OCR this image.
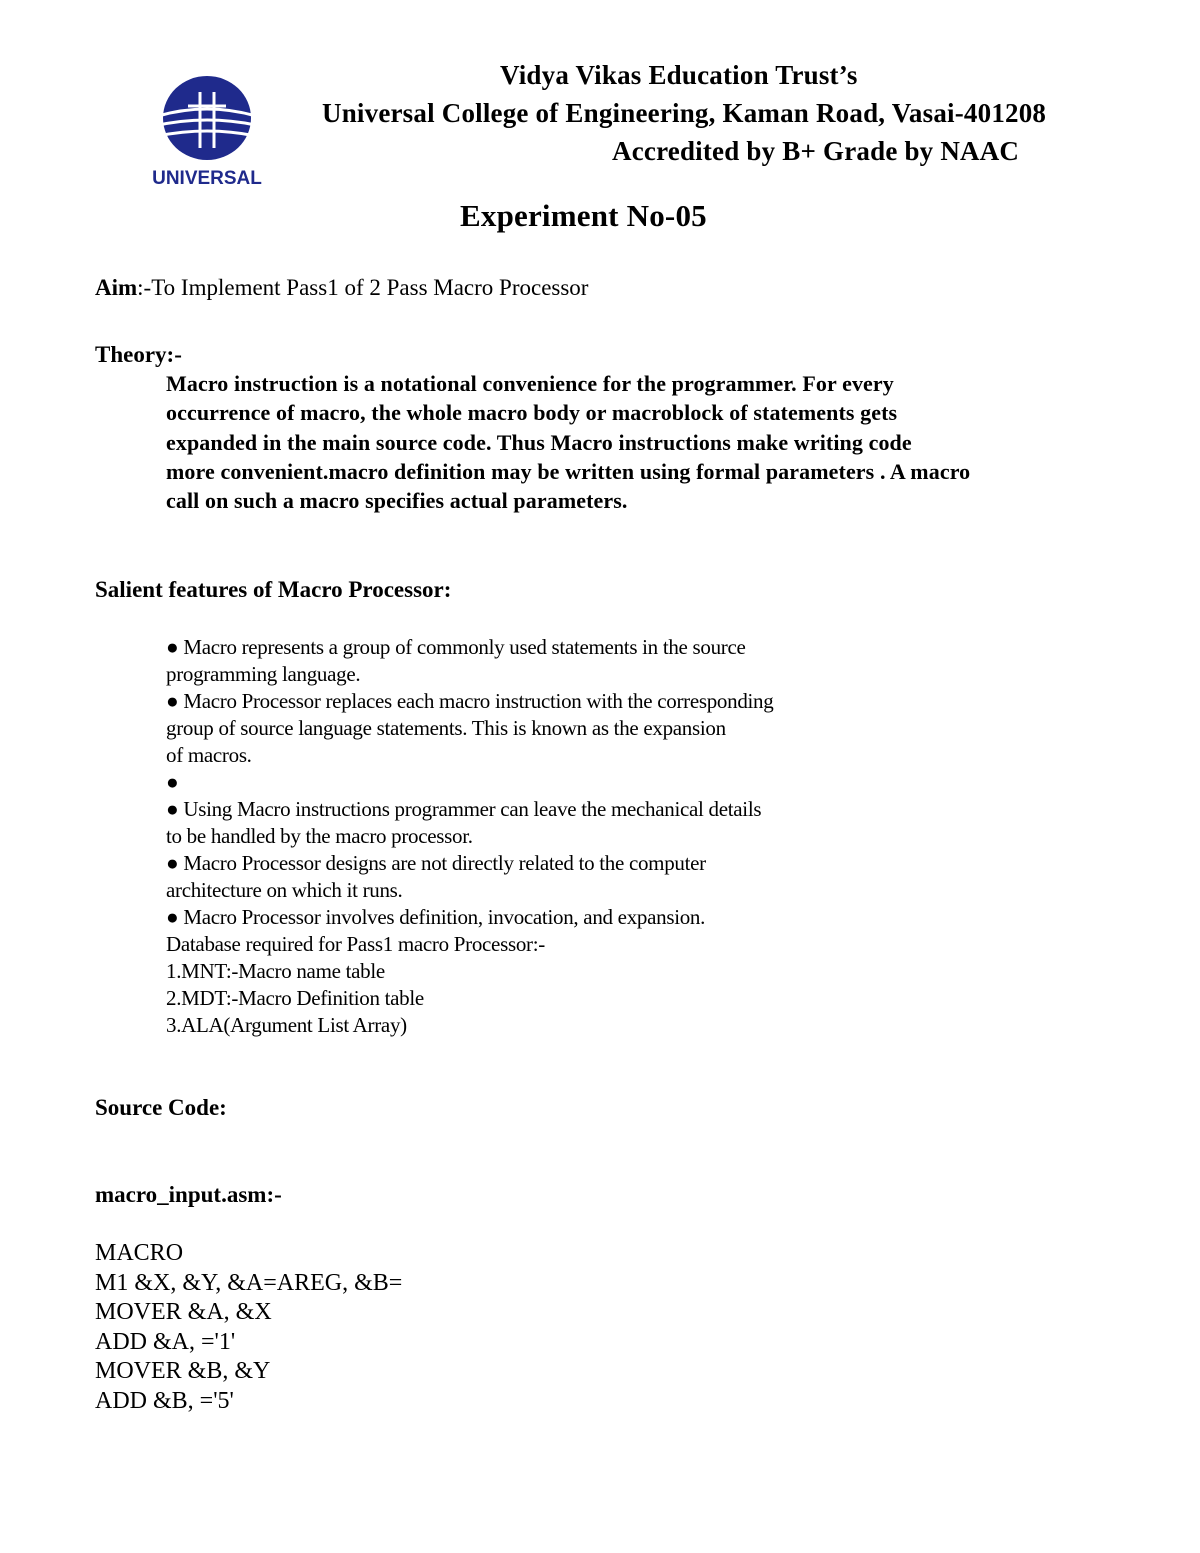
UNIVERSAL
Vidya Vikas Education Trust’s
Universal College of Engineering, Kaman Road, Vasai-401208
Accredited by B+ Grade by NAAC
Experiment No-05
Aim:-To Implement Pass1 of 2 Pass Macro Processor
Theory:-
Macro instruction is a notational convenience for the programmer. For every
occurrence of macro, the whole macro body or macroblock of statements gets
expanded in the main source code. Thus Macro instructions make writing code
more convenient.macro definition may be written using formal parameters . A macro
call on such a macro specifies actual parameters.
Salient features of Macro Processor:
● Macro represents a group of commonly used statements in the source
programming language.
● Macro Processor replaces each macro instruction with the corresponding
group of source language statements. This is known as the expansion
of macros.
●
● Using Macro instructions programmer can leave the mechanical details
to be handled by the macro processor.
● Macro Processor designs are not directly related to the computer
architecture on which it runs.
● Macro Processor involves definition, invocation, and expansion.
Database required for Pass1 macro Processor:-
1.MNT:-Macro name table
2.MDT:-Macro Definition table
3.ALA(Argument List Array)
Source Code:
macro_input.asm:-
MACRO
M1 &X, &Y, &A=AREG, &B=
MOVER &A, &X
ADD &A, ='1'
MOVER &B, &Y
ADD &B, ='5'
